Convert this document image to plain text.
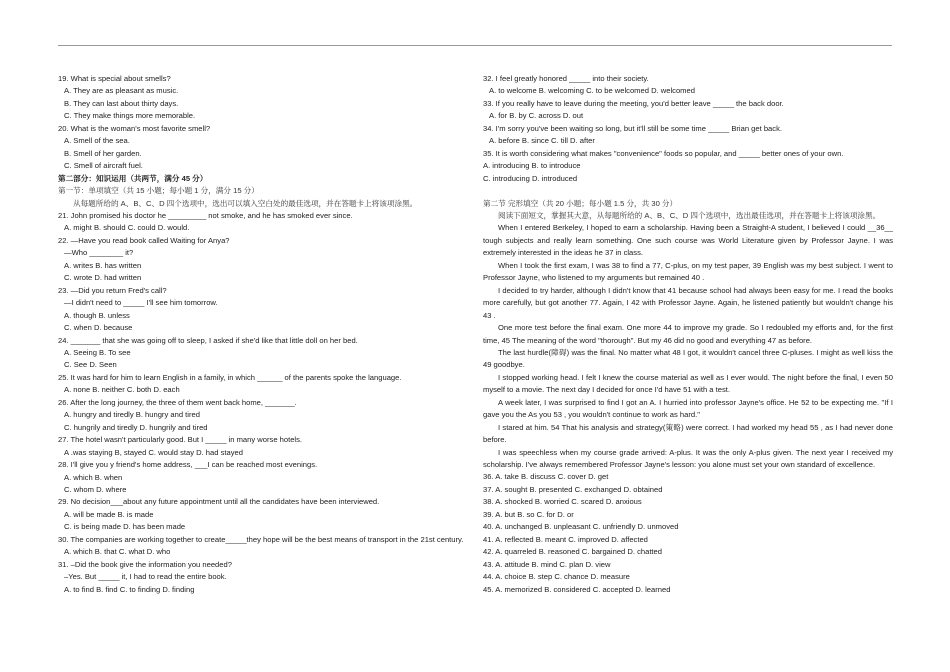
19. What is special about smells?
A. They are as pleasant as music.
B. They can last about thirty days.
C. They make things more memorable.
20. What is the woman's most favorite smell?
A. Smell of the sea.
B. Smell of her garden.
C. Smell of aircraft fuel.
第二部分：知识运用（共两节，满分 45 分）
第一节：单项填空（共 15 小题；每小题 1 分，满分 15 分）
从每题所给的 A、B、C、D 四个选项中，选出可以填入空白处的最佳选项，并在答题卡上将该项涂黑。
21. John promised his doctor he _________ not smoke, and he has smoked ever since.
A. might B. should C. could D. would.
22. —Have you read book called Waiting for Anya?
—Who ________ it?
A. writes B. has written
C. wrote D. had written
23. —Did you return Fred's call?
—I didn't need to _____ I'll see him tomorrow.
A. though B. unless
C. when D. because
24. _______ that she was going off to sleep, I asked if she'd like that little doll on her bed.
A. Seeing B. To see
C. See D. Seen
25. It was hard for him to learn English in a family, in which ______ of the parents spoke the language.
A. none B. neither C. both D. each
26. After the long journey, the three of them went back home, _______.
A. hungry and tiredly B. hungry and tired
C. hungrily and tiredly D. hungrily and tired
27. The hotel wasn't particularly good. But I _____ in many worse hotels.
A .was staying B, stayed C. would stay D. had stayed
28. I'll give you y friend's home address, ___I can be reached most evenings.
A. which B. when
C. whom D. where
29. No decision___about any future appointment until all the candidates have been interviewed.
A. will be made B. is made
C. is being made D. has been made
30. The companies are working together to create_____they hope will be the best means of transport in the 21st century.
A. which B. that C. what D. who
31. –Did the book give the information you needed?
–Yes. But _____ it, I had to read the entire book.
A. to find B. find C. to finding D. finding
32. I feel greatly honored _____ into their society.
A. to welcome B. welcoming C. to be welcomed D. welcomed
33. If you really have to leave during the meeting, you'd better leave _____ the back door.
A. for B. by C. across D. out
34. I'm sorry you've been waiting so long, but it'll still be some time _____ Brian get back.
A. before B. since C. till D. after
35. It is worth considering what makes "convenience" foods so popular, and _____ better ones of your own.
A. introducing B. to introduce
C. introducing D. introduced
第二节 完形填空（共 20 小题；每小题 1.5 分，共 30 分）
阅读下面短文，掌握其大意，从每题所给的 A、B、C、D 四个选项中，选出最佳选项，并在答题卡上将该项涂黑。
When I entered Berkeley, I hoped to earn a scholarship. Having been a Straight-A student, I believed I could __36__ tough subjects and really learn something. One such course was World Literature given by Professor Jayne. I was extremely interested in the ideas he 37 in class.
When I took the first exam, I was 38 to find a 77, C-plus, on my test paper, 39 English was my best subject. I went to Professor Jayne, who listened to my arguments but remained 40 .
I decided to try harder, although I didn't know that 41 because school had always been easy for me. I read the books more carefully, but got another 77. Again, I 42 with Professor Jayne. Again, he listened patiently but wouldn't change his 43 .
One more test before the final exam. One more 44 to improve my grade. So I redoubled my efforts and, for the first time, 45 The meaning of the word "thorough". But my 46 did no good and everything 47 as before.
The last hurdle(障碍) was the final. No matter what 48 I got, it wouldn't cancel three C-pluses. I might as well kiss the 49 goodbye.
I stopped working head. I felt I knew the course material as well as I ever would. The night before the final, I even 50 myself to a movie. The next day I decided for once I'd have 51 with a test.
A week later, I was surprised to find I got an A. I hurried into professor Jayne's office. He 52 to be expecting me. "If I gave you the As you 53 , you wouldn't continue to work as hard."
I stared at him. 54 That his analysis and strategy(策略) were correct. I had worked my head 55 , as I had never done before.
I was speechless when my course grade arrived: A-plus. It was the only A-plus given. The next year I received my scholarship. I've always remembered Professor Jayne's lesson: you alone must set your own standard of excellence.
36. A. take B. discuss C. cover D. get
37. A. sought B. presented C. exchanged D. obtained
38. A. shocked B. worried C. scared D. anxious
39. A. but B. so C. for D. or
40. A. unchanged B. unpleasant C. unfriendly D. unmoved
41. A. reflected B. meant C. improved D. affected
42. A. quarreled B. reasoned C. bargained D. chatted
43. A. attitude B. mind C. plan D. view
44. A. choice B. step C. chance D. measure
45. A. memorized B. considered C. accepted D. learned
